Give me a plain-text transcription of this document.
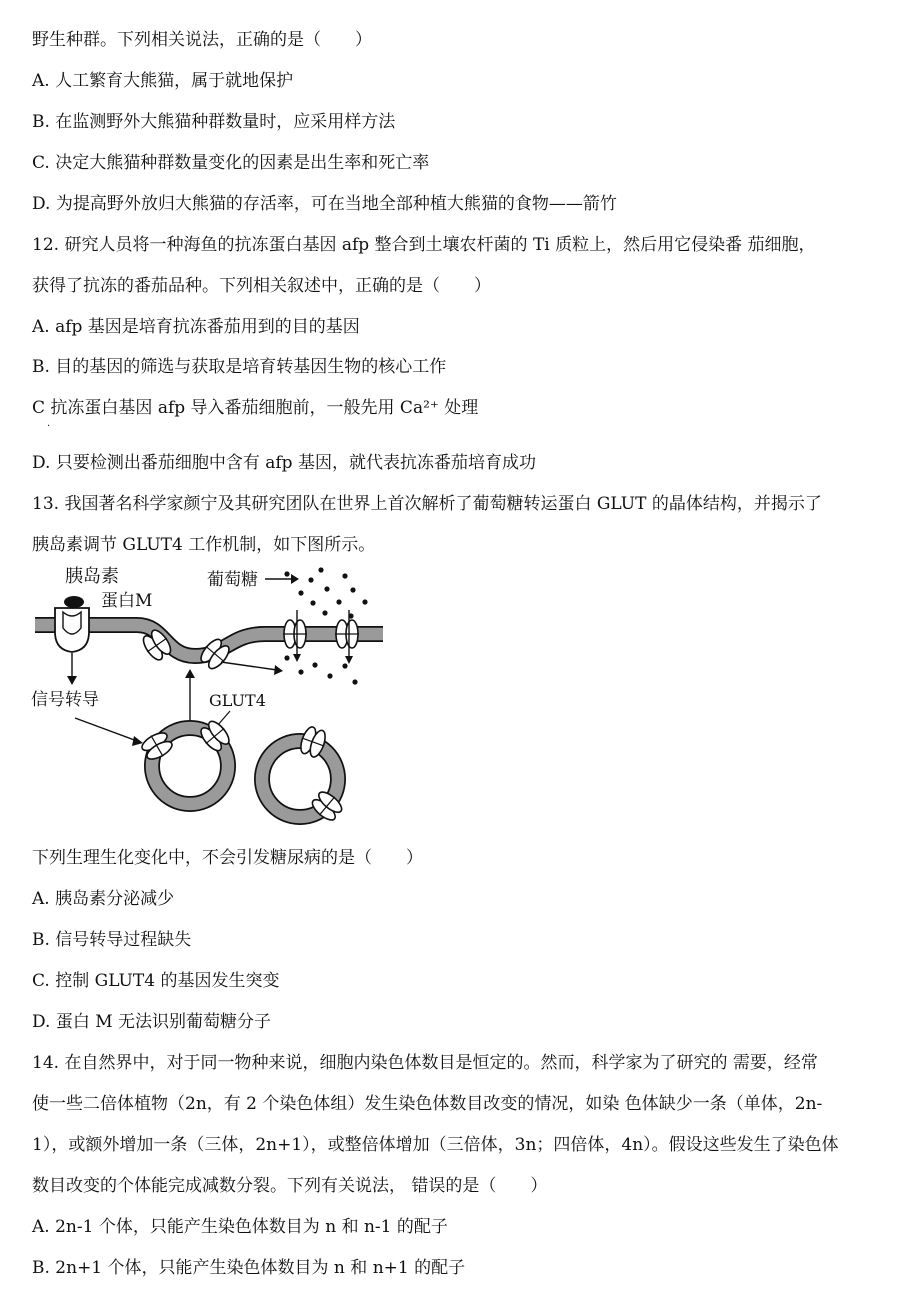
野生种群。下列相关说法，正确的是（　　）
A. 人工繁育大熊猫，属于就地保护
B. 在监测野外大熊猫种群数量时，应采用样方法
C. 决定大熊猫种群数量变化的因素是出生率和死亡率
D. 为提高野外放归大熊猫的存活率，可在当地全部种植大熊猫的食物——箭竹
12. 研究人员将一种海鱼的抗冻蛋白基因 afp 整合到土壤农杆菌的 Ti 质粒上，然后用它侵染番 茄细胞，
获得了抗冻的番茄品种。下列相关叙述中，正确的是（　　）
A. afp 基因是培育抗冻番茄用到的目的基因
B. 目的基因的筛选与获取是培育转基因生物的核心工作
C 抗冻蛋白基因 afp 导入番茄细胞前，一般先用 Ca²⁺ 处理
.
D. 只要检测出番茄细胞中含有 afp 基因，就代表抗冻番茄培育成功
13. 我国著名科学家颜宁及其研究团队在世界上首次解析了葡萄糖转运蛋白 GLUT 的晶体结构，并揭示了
胰岛素调节 GLUT4 工作机制，如下图所示。
胰岛素
蛋白M
葡萄糖
信号转导	GLUT4
下列生理生化变化中，不会引发糖尿病的是（　　）
A. 胰岛素分泌减少
B. 信号转导过程缺失
C. 控制 GLUT4 的基因发生突变
D. 蛋白 M 无法识别葡萄糖分子
14. 在自然界中，对于同一物种来说，细胞内染色体数目是恒定的。然而，科学家为了研究的 需要，经常
使一些二倍体植物（2n，有 2 个染色体组）发生染色体数目改变的情况，如染 色体缺少一条（单体，2n-
1），或额外增加一条（三体，2n+1），或整倍体增加（三倍体，3n；四倍体，4n）。假设这些发生了染色体
数目改变的个体能完成减数分裂。下列有关说法， 错误的是（　　）
A. 2n-1 个体，只能产生染色体数目为 n 和 n-1 的配子
B. 2n+1 个体，只能产生染色体数目为 n 和 n+1 的配子
